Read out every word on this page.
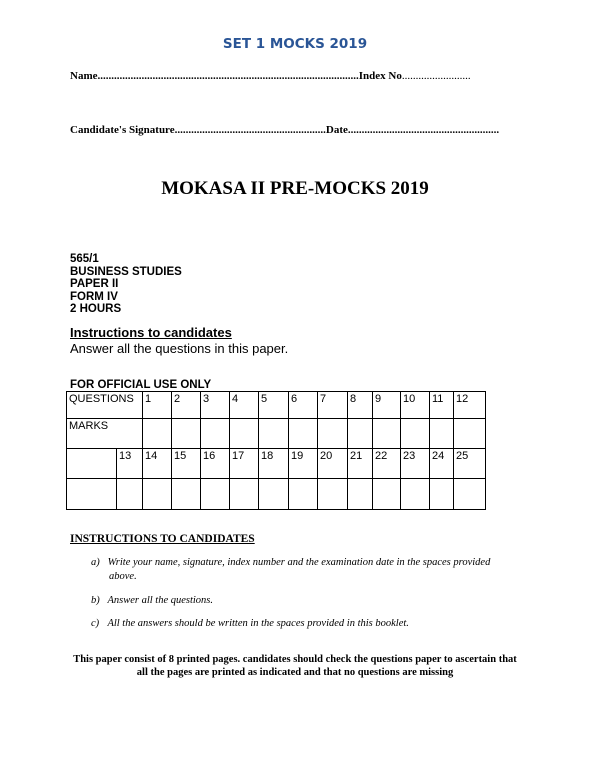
SET 1 MOCKS 2019
Name...............................................................................................Index No.........................
Candidate's Signature.......................................................Date.......................................................
MOKASA II PRE-MOCKS 2019
565/1
BUSINESS STUDIES
PAPER II
FORM IV
2 HOURS
Instructions to candidates
Answer all the questions in this paper.
FOR OFFICIAL USE ONLY
QUESTIONS		1	2	3	4	5	6	7	8	9	10	11	12
MARKS													
	13	14	15	16	17	18	19	20	21	22	23	24	25

INSTRUCTIONS TO CANDIDATES
a) Write your name, signature, index number and the examination date in the spaces provided
above.
b) Answer all the questions.
c) All the answers should be written in the spaces provided in this booklet.
This paper consist of 8 printed pages. candidates should check the questions paper to ascertain that
all the pages are printed as indicated and that no questions are missing
